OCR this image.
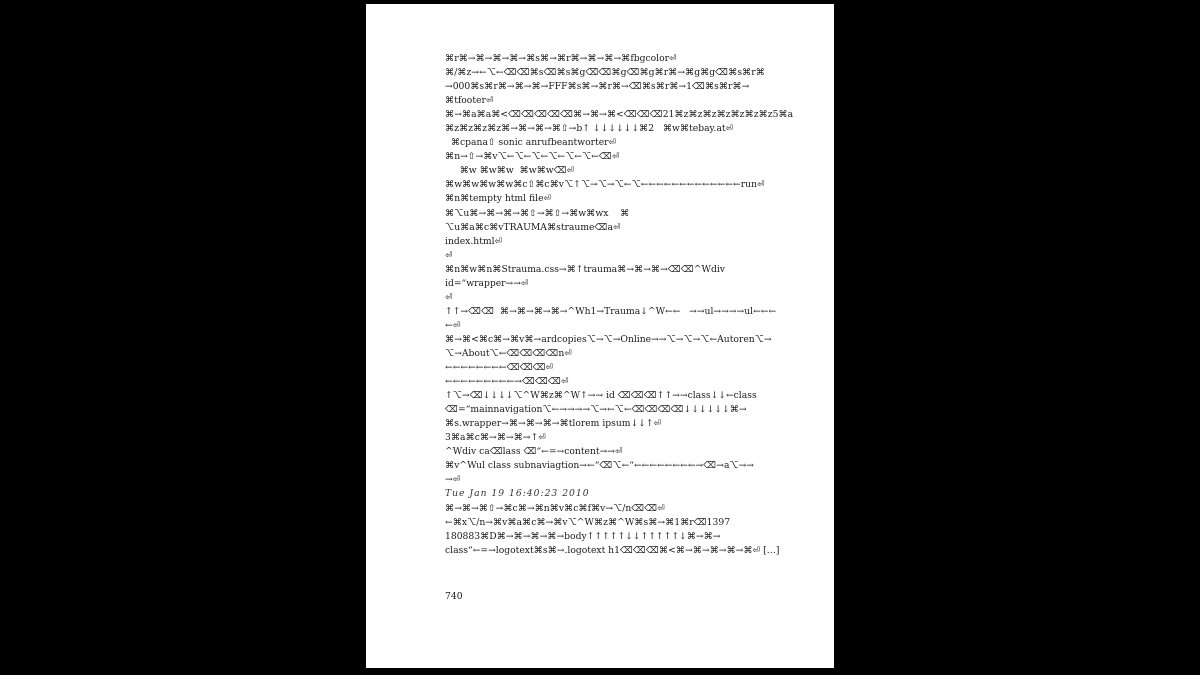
⌘r⌘→⌘→⌘→⌘→⌘s⌘→⌘r⌘→⌘→⌘→⌘fbgcolor⏎
⌘/⌘z→←⌥←⌫⌫⌘s⌫⌘s⌘g⌫⌫⌘g⌫⌘g⌘r⌘→⌘g⌘g⌫⌘s⌘r⌘
→000⌘s⌘r⌘→⌘→⌘→FFF⌘s⌘→⌘r⌘→⌫⌘s⌘r⌘→1⌫⌘s⌘r⌘→
⌘tfooter⏎
⌘→⌘a⌘a⌘<⌫⌫⌫⌫⌫⌘→⌘→⌘<⌫⌫⌫21⌘z⌘z⌘z⌘z⌘z⌘z⌘z5⌘a
⌘z⌘z⌘z⌘z⌘→⌘→⌘→⌘⇧→b↑ ↓↓↓↓↓↓⌘2   ⌘w⌘tebay.at⏎
⌘cpana⇧ sonic anrufbeantworter⏎
⌘n→⇧→⌘v⌥←⌥←⌥←⌥←⌥←⌥←⌫⏎
⌘w ⌘w⌘w  ⌘w⌘w⌫⏎
⌘w⌘w⌘w⌘w⌘c⇧⌘c⌘v⌥↑⌥→⌥→⌥←⌥←←←←←←←←←←←←←run⏎
⌘n⌘tempty html file⏎
⌘⌥u⌘→⌘→⌘→⌘⇧→⌘⇧→⌘w⌘wx    ⌘
⌥u⌘a⌘c⌘vTRAUMA⌘straume⌫a⏎
index.html⏎
⏎
⌘n⌘w⌘n⌘Strauma.css→⌘↑trauma⌘→⌘→⌘→⌫⌫^Wdiv
id=“wrapper→→⏎
⏎
↑↑→⌫⌫  ⌘→⌘→⌘→⌘→^Wh1→Trauma↓^W←←   →→ul→→→→ul←←←
←⏎
⌘→⌘<⌘c⌘→⌘v⌘→ardcopies⌥→⌥→Online→→⌥→⌥→⌥←Autoren⌥→
⌥→About⌥←⌫⌫⌫⌫n⏎
←←←←←←←←⌫⌫⌫⏎
←←←←←←←←←→⌫⌫⌫⏎
↑⌥→⌫↓↓↓↓⌥^W⌘z⌘^W↑→→ id ⌫⌫⌫↑↑→→class↓↓←class
⌫=“mainnavigation⌥←→→→→⌥→←⌥←⌫⌫⌫⌫↓↓↓↓↓↓⌘→
⌘s.wrapper→⌘→⌘→⌘→⌘tlorem ipsum↓↓↑⏎
3⌘a⌘c⌘→⌘→⌘→↑⏎
^Wdiv ca⌫lass ⌫“←=→content→→⏎
⌘v^Wul class subnaviagtion→←“⌫⌥←“←←←←←←←←→⌫→a⌥→→
→⏎
Tue Jan 19 16:40:23 2010
⌘→⌘→⌘⇧→⌘c⌘→⌘n⌘v⌘c⌘f⌘v→⌥/n⌫⌫⏎
←⌘x⌥/n→⌘v⌘a⌘c⌘→⌘v⌥^W⌘z⌘^W⌘s⌘→⌘1⌘r⌫1397
180883⌘D⌘→⌘→⌘→⌘→body↑↑↑↑↑↓↓↑↑↑↑↑↓⌘→⌘→
class“←=→logotext⌘s⌘→.logotext h1⌫⌫⌫⌘<⌘→⌘→⌘→⌘→⌘⏎ […]
740
